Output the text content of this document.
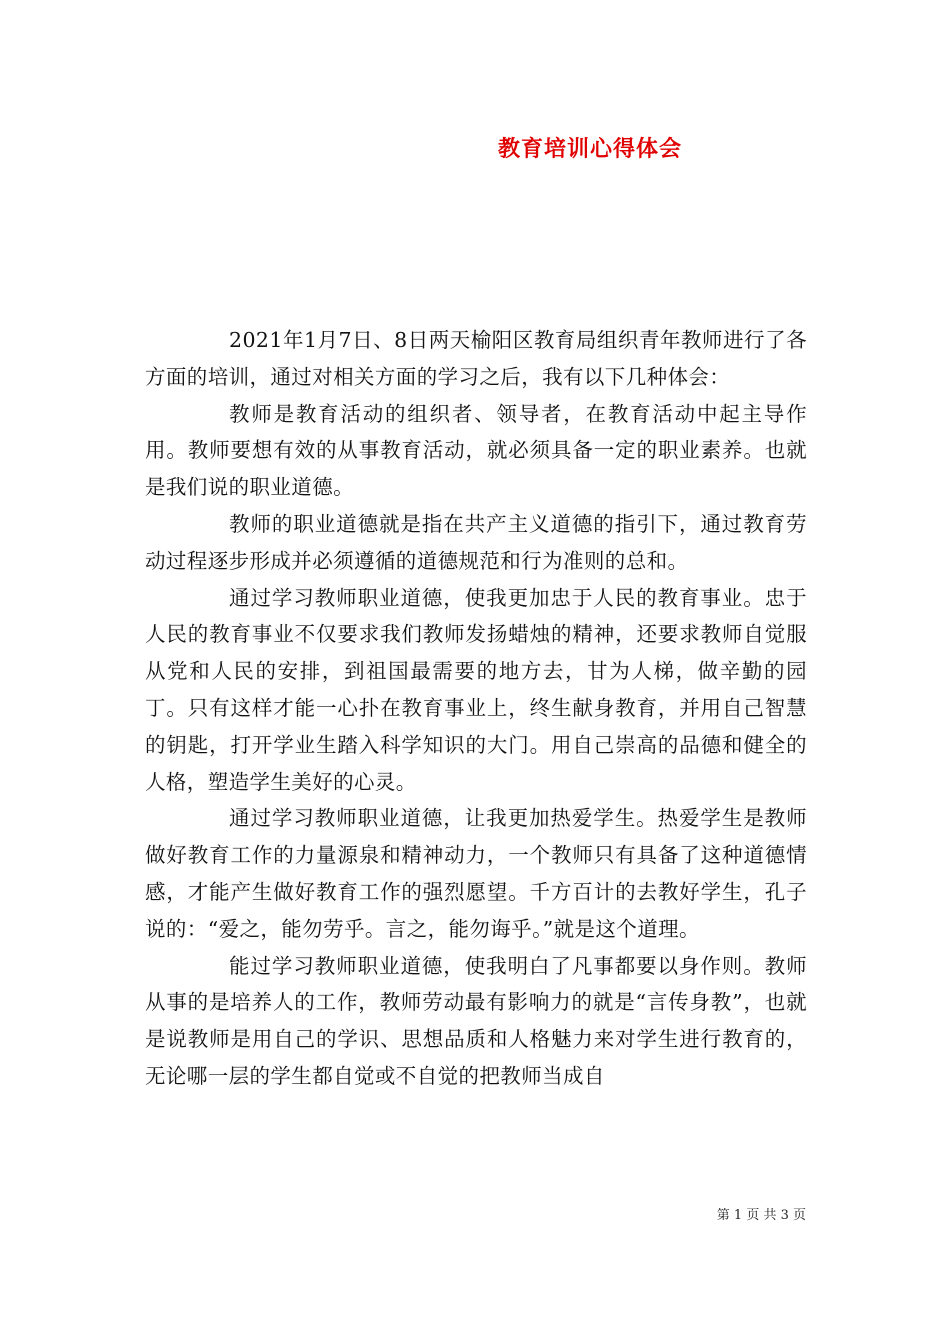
教育培训心得体会

2021年1月7日、8日两天榆阳区教育局组织青年教师进行了各方面的培训，通过对相关方面的学习之后，我有以下几种体会：

教师是教育活动的组织者、领导者，在教育活动中起主导作用。教师要想有效的从事教育活动，就必须具备一定的职业素养。也就是我们说的职业道德。

教师的职业道德就是指在共产主义道德的指引下，通过教育劳动过程逐步形成并必须遵循的道德规范和行为准则的总和。

通过学习教师职业道德，使我更加忠于人民的教育事业。忠于人民的教育事业不仅要求我们教师发扬蜡烛的精神，还要求教师自觉服从党和人民的安排，到祖国最需要的地方去，甘为人梯，做辛勤的园丁。只有这样才能一心扑在教育事业上，终生献身教育，并用自己智慧的钥匙，打开学业生踏入科学知识的大门。用自己崇高的品德和健全的人格，塑造学生美好的心灵。

通过学习教师职业道德，让我更加热爱学生。热爱学生是教师做好教育工作的力量源泉和精神动力，一个教师只有具备了这种道德情感，才能产生做好教育工作的强烈愿望。千方百计的去教好学生，孔子说的：“爱之，能勿劳乎。言之，能勿诲乎。”就是这个道理。

能过学习教师职业道德，使我明白了凡事都要以身作则。教师从事的是培养人的工作，教师劳动最有影响力的就是“言传身教”，也就是说教师是用自己的学识、思想品质和人格魅力来对学生进行教育的，无论哪一层的学生都自觉或不自觉的把教师当成自

第 1 页 共 3 页
